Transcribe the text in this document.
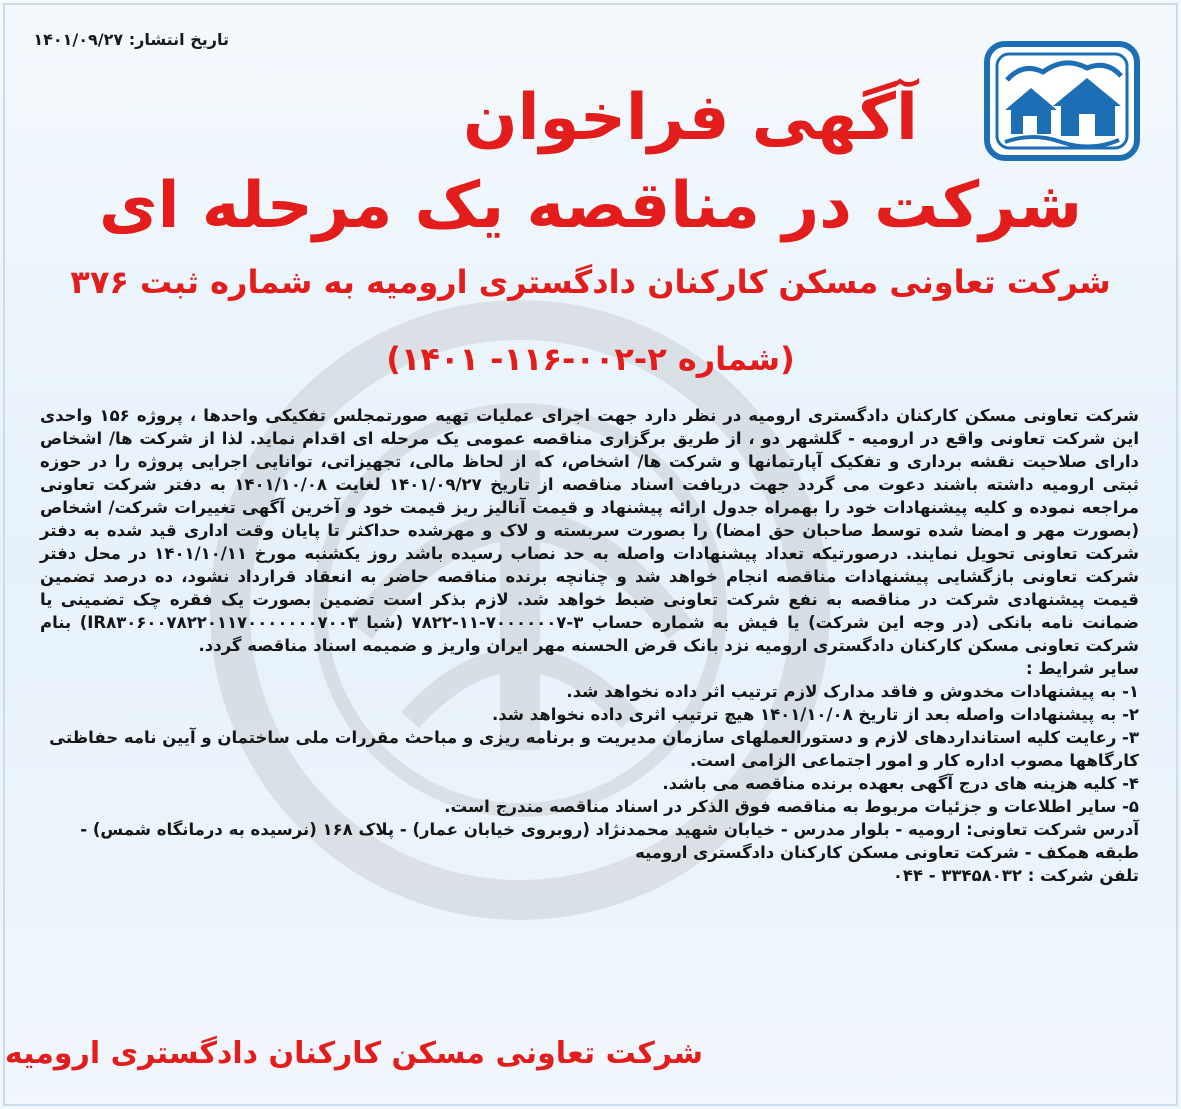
تاریخ انتشار: ۱۴۰۱/۰۹/۲۷
آگهی فراخوان
شرکت در مناقصه یک مرحله ای
شرکت تعاونی مسکن کارکنان دادگستری ارومیه به شماره ثبت ۳۷۶
(شماره ۲-۰۰۲-۱۱۶- ۱۴۰۱)

شرکت تعاونی مسکن کارکنان دادگستری ارومیه در نظر دارد جهت اجرای عملیات تهیه صورتمجلس تفکیکی واحدها ، پروژه ۱۵۶ واحدی این شرکت تعاونی واقع در ارومیه - گلشهر دو ، از طریق برگزاری مناقصه عمومی یک مرحله ای اقدام نماید. لذا از شرکت ها/ اشخاص دارای صلاحیت نقشه برداری و تفکیک آپارتمانها و شرکت ها/ اشخاص، که از لحاظ مالی، تجهیزاتی، توانایی اجرایی پروژه را در حوزه ثبتی ارومیه داشته باشند دعوت می گردد جهت دریافت اسناد مناقصه از تاریخ ۱۴۰۱/۰۹/۲۷ لغایت ۱۴۰۱/۱۰/۰۸ به دفتر شرکت تعاونی مراجعه نموده و کلیه پیشنهادات خود را بهمراه جدول ارائه پیشنهاد و قیمت آنالیز ریز قیمت خود و آخرین آگهی تغییرات شرکت/ اشخاص (بصورت مهر و امضا شده توسط صاحبان حق امضا) را بصورت سربسته و لاک و مهرشده حداکثر تا پایان وقت اداری قید شده به دفتر شرکت تعاونی تحویل نمایند. درصورتیکه تعداد پیشنهادات واصله به حد نصاب رسیده باشد روز یکشنبه مورخ ۱۴۰۱/۱۰/۱۱ در محل دفتر شرکت تعاونی بازگشایی پیشنهادات مناقصه انجام خواهد شد و چنانچه برنده مناقصه حاضر به انعقاد قرارداد نشود، ده درصد تضمین قیمت پیشنهادی شرکت در مناقصه به نفع شرکت تعاونی ضبط خواهد شد. لازم بذکر است تضمین بصورت یک فقره چک تضمینی یا ضمانت نامه بانکی (در وجه این شرکت) یا فیش به شماره حساب ۳-۷۰۰۰۰۰۰۷-۱۱-۷۸۲۲ (شبا IR۸۳۰۶۰۰۷۸۲۲۰۱۱۷۰۰۰۰۰۰۰۷۰۰۳) بنام شرکت تعاونی مسکن کارکنان دادگستری ارومیه نزد بانک قرض الحسنه مهر ایران واریز و ضمیمه اسناد مناقصه گردد.

سایر شرایط :

۱- به پیشنهادات مخدوش و فاقد مدارک لازم ترتیب اثر داده نخواهد شد.

۲- به پیشنهادات واصله بعد از تاریخ ۱۴۰۱/۱۰/۰۸ هیچ ترتیب اثری داده نخواهد شد.

۳- رعایت کلیه استانداردهای لازم و دستورالعملهای سازمان مدیریت و برنامه ریزی و مباحث مقررات ملی ساختمان و آیین نامه حفاظتی کارگاهها مصوب اداره کار و امور اجتماعی الزامی است.

۴- کلیه هزینه های درج آگهی بعهده برنده مناقصه می باشد.

۵- سایر اطلاعات و جزئیات مربوط به مناقصه فوق الذکر در اسناد مناقصه مندرج است.

آدرس شرکت تعاونی: ارومیه - بلوار مدرس - خیابان شهید محمدنژاد (روبروی خیابان عمار) - پلاک ۱۶۸ (نرسیده به درمانگاه شمس) - طبقه همکف - شرکت تعاونی مسکن کارکنان دادگستری ارومیه

تلفن شرکت : ۳۳۴۵۸۰۳۲ - ۰۴۴

شرکت تعاونی مسکن کارکنان دادگستری ارومیه
